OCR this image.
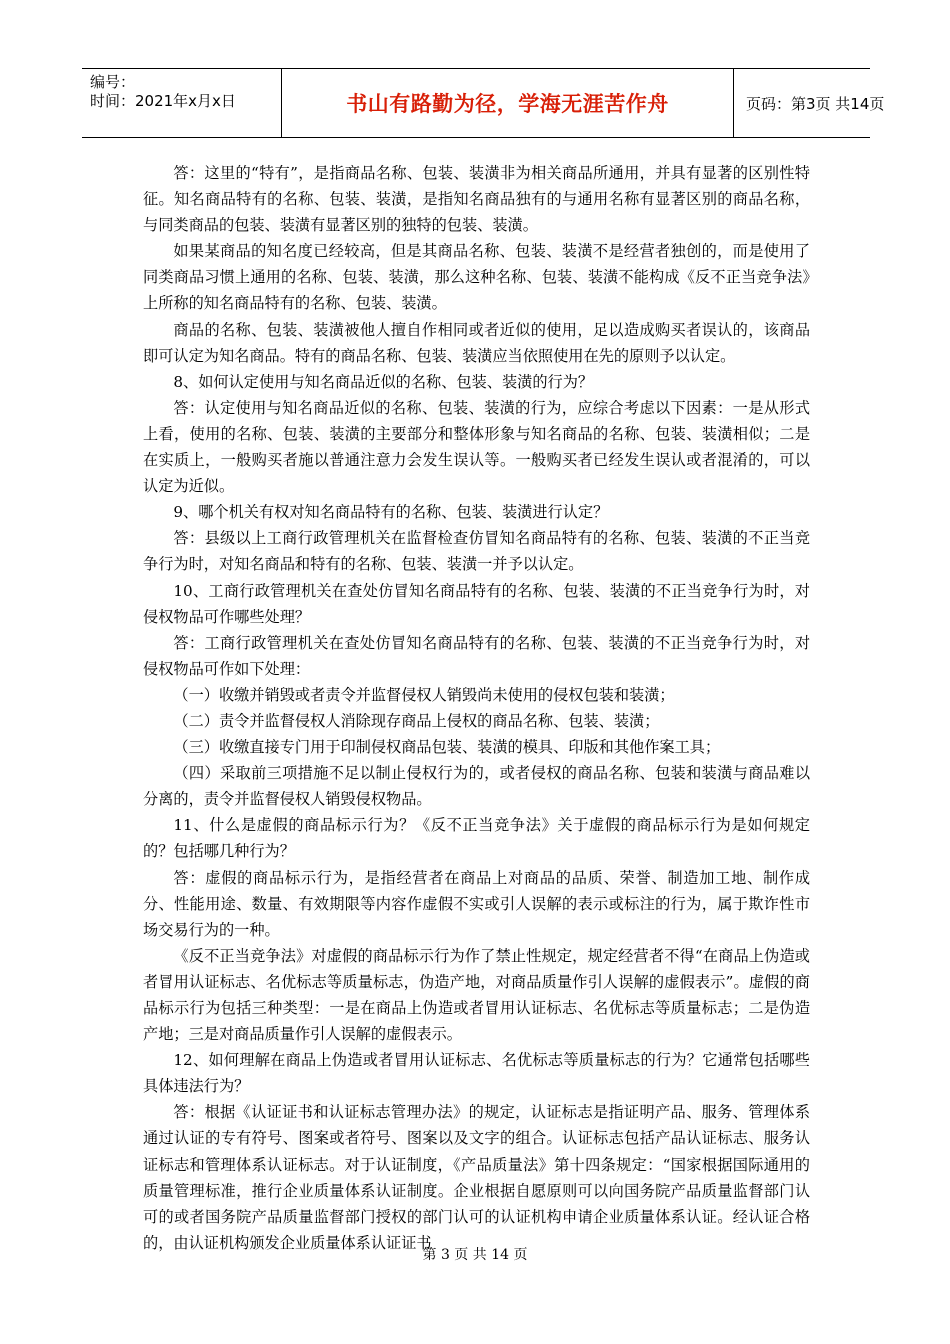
编号：
时间：2021年x月x日	书山有路勤为径，学海无涯苦作舟	页码：第3页 共14页

答：这里的“特有”，是指商品名称、包装、装潢非为相关商品所通用，并具有显著的区别性特征。知名商品特有的名称、包装、装潢，是指知名商品独有的与通用名称有显著区别的商品名称，与同类商品的包装、装潢有显著区别的独特的包装、装潢。

如果某商品的知名度已经较高，但是其商品名称、包装、装潢不是经营者独创的，而是使用了同类商品习惯上通用的名称、包装、装潢，那么这种名称、包装、装潢不能构成《反不正当竞争法》上所称的知名商品特有的名称、包装、装潢。

商品的名称、包装、装潢被他人擅自作相同或者近似的使用，足以造成购买者误认的，该商品即可认定为知名商品。特有的商品名称、包装、装潢应当依照使用在先的原则予以认定。

8、如何认定使用与知名商品近似的名称、包装、装潢的行为？

答：认定使用与知名商品近似的名称、包装、装潢的行为，应综合考虑以下因素：一是从形式上看，使用的名称、包装、装潢的主要部分和整体形象与知名商品的名称、包装、装潢相似；二是在实质上，一般购买者施以普通注意力会发生误认等。一般购买者已经发生误认或者混淆的，可以认定为近似。

9、哪个机关有权对知名商品特有的名称、包装、装潢进行认定？

答：县级以上工商行政管理机关在监督检查仿冒知名商品特有的名称、包装、装潢的不正当竞争行为时，对知名商品和特有的名称、包装、装潢一并予以认定。

10、工商行政管理机关在查处仿冒知名商品特有的名称、包装、装潢的不正当竞争行为时，对侵权物品可作哪些处理？

答：工商行政管理机关在查处仿冒知名商品特有的名称、包装、装潢的不正当竞争行为时，对侵权物品可作如下处理：

（一）收缴并销毁或者责令并监督侵权人销毁尚未使用的侵权包装和装潢；

（二）责令并监督侵权人消除现存商品上侵权的商品名称、包装、装潢；

（三）收缴直接专门用于印制侵权商品包装、装潢的模具、印版和其他作案工具；

（四）采取前三项措施不足以制止侵权行为的，或者侵权的商品名称、包装和装潢与商品难以分离的，责令并监督侵权人销毁侵权物品。

11、什么是虚假的商品标示行为？《反不正当竞争法》关于虚假的商品标示行为是如何规定的？包括哪几种行为？

答：虚假的商品标示行为，是指经营者在商品上对商品的品质、荣誉、制造加工地、制作成分、性能用途、数量、有效期限等内容作虚假不实或引人误解的表示或标注的行为，属于欺诈性市场交易行为的一种。

《反不正当竞争法》对虚假的商品标示行为作了禁止性规定，规定经营者不得“在商品上伪造或者冒用认证标志、名优标志等质量标志，伪造产地，对商品质量作引人误解的虚假表示”。虚假的商品标示行为包括三种类型：一是在商品上伪造或者冒用认证标志、名优标志等质量标志；二是伪造产地；三是对商品质量作引人误解的虚假表示。

12、如何理解在商品上伪造或者冒用认证标志、名优标志等质量标志的行为？它通常包括哪些具体违法行为？

答：根据《认证证书和认证标志管理办法》的规定，认证标志是指证明产品、服务、管理体系通过认证的专有符号、图案或者符号、图案以及文字的组合。认证标志包括产品认证标志、服务认证标志和管理体系认证标志。对于认证制度，《产品质量法》第十四条规定：“国家根据国际通用的质量管理标准，推行企业质量体系认证制度。企业根据自愿原则可以向国务院产品质量监督部门认可的或者国务院产品质量监督部门授权的部门认可的认证机构申请企业质量体系认证。经认证合格的，由认证机构颁发企业质量体系认证证书

第 3 页 共 14 页
